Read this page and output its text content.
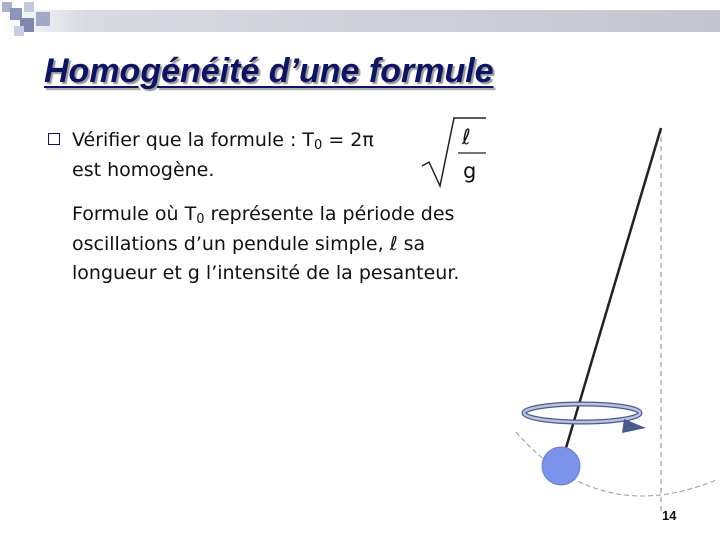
Homogénéité d’une formule
Vérifier que la formule : $T_0 = 2\pi$
est homogène.
ℓ
g
Formule où $T_0$ représente la période des
oscillations d’un pendule simple, ℓ sa
longueur et g l’intensité de la pesanteur.
14
